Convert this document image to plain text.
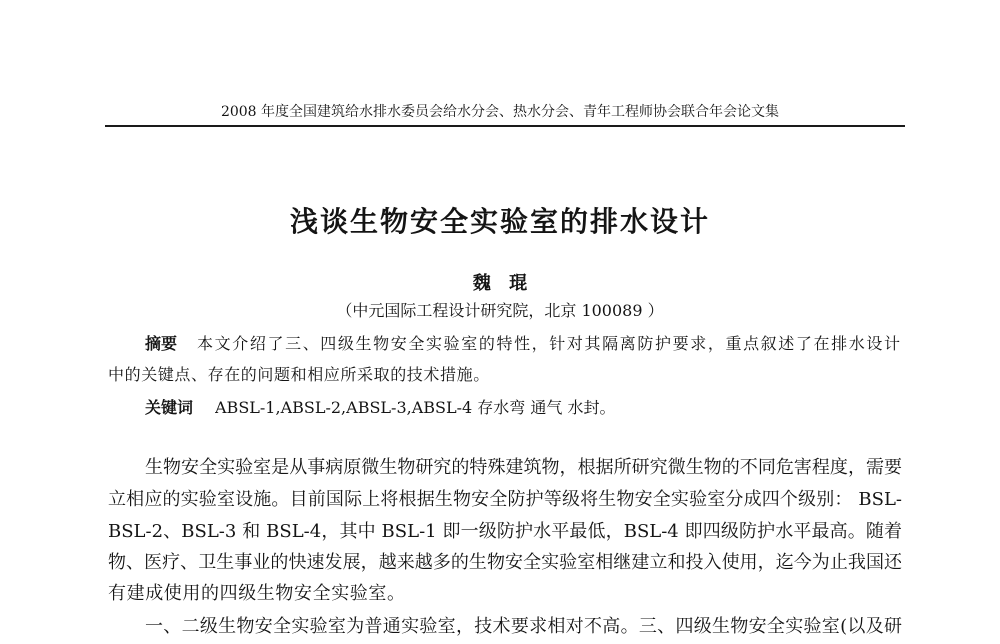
2008 年度全国建筑给水排水委员会给水分会、热水分会、青年工程师协会联合年会论文集
浅谈生物安全实验室的排水设计
魏 琨
（中元国际工程设计研究院，北京 100089 ）
摘要	本文介绍了三、四级生物安全实验室的特性，针对其隔离防护要求，重点叙述了在排水设计
中的关键点、存在的问题和相应所采取的技术措施。
关键词	ABSL-1,ABSL-2,ABSL-3,ABSL-4 存水弯 通气 水封。
生物安全实验室是从事病原微生物研究的特殊建筑物，根据所研究微生物的不同危害程度，需要
立相应的实验室设施。目前国际上将根据生物安全防护等级将生物安全实验室分成四个级别： BSL-
BSL-2、BSL-3 和 BSL-4，其中 BSL-1 即一级防护水平最低，BSL-4 即四级防护水平最高。随着
物、医疗、卫生事业的快速发展，越来越多的生物安全实验室相继建立和投入使用，迄今为止我国还
有建成使用的四级生物安全实验室。
一、二级生物安全实验室为普通实验室，技术要求相对不高。三、四级生物安全实验室(以及研
